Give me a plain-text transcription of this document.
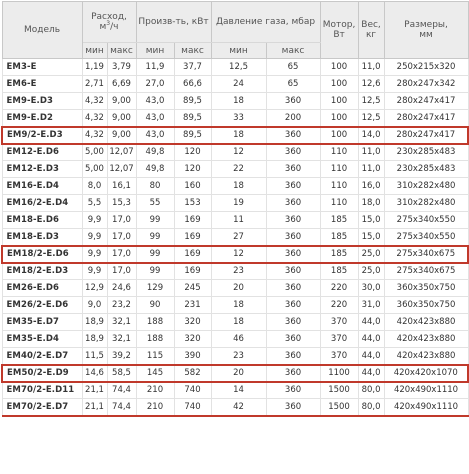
Модель	Расход,
$м^3/ч$		Произв-ть, кВт		Давление газа, мбар		Мотор,
Вт	Вес,
кг	Размеры,
мм
	мин	макс	мин	макс	мин	макс			
EM3-E	1,19	3,79	11,9	37,7	12,5	65	100	11,0	250x215x320
EM6-E	2,71	6,69	27,0	66,6	24	65	100	12,6	280x247x342
EM9-E.D3	4,32	9,00	43,0	89,5	18	360	100	12,5	280x247x417
EM9-E.D2	4,32	9,00	43,0	89,5	33	200	100	12,5	280x247x417
EM9/2-E.D3	4,32	9,00	43,0	89,5	18	360	100	14,0	280x247x417
EM12-E.D6	5,00	12,07	49,8	120	12	360	110	11,0	230x285x483
EM12-E.D3	5,00	12,07	49,8	120	22	360	110	11,0	230x285x483
EM16-E.D4	8,0	16,1	80	160	18	360	110	16,0	310x282x480
EM16/2-E.D4	5,5	15,3	55	153	19	360	110	18,0	310x282x480
EM18-E.D6	9,9	17,0	99	169	11	360	185	15,0	275x340x550
EM18-E.D3	9,9	17,0	99	169	27	360	185	15,0	275x340x550
EM18/2-E.D6	9,9	17,0	99	169	12	360	185	25,0	275x340x675
EM18/2-E.D3	9,9	17,0	99	169	23	360	185	25,0	275x340x675
EM26-E.D6	12,9	24,6	129	245	20	360	220	30,0	360x350x750
EM26/2-E.D6	9,0	23,2	90	231	18	360	220	31,0	360x350x750
EM35-E.D7	18,9	32,1	188	320	18	360	370	44,0	420x423x880
EM35-E.D4	18,9	32,1	188	320	46	360	370	44,0	420x423x880
EM40/2-E.D7	11,5	39,2	115	390	23	360	370	44,0	420x423x880
EM50/2-E.D9	14,6	58,5	145	582	20	360	1100	44,0	420x420x1070
EM70/2-E.D11	21,1	74,4	210	740	14	360	1500	80,0	420x490x1110
EM70/2-E.D7	21,1	74,4	210	740	42	360	1500	80,0	420x490x1110
